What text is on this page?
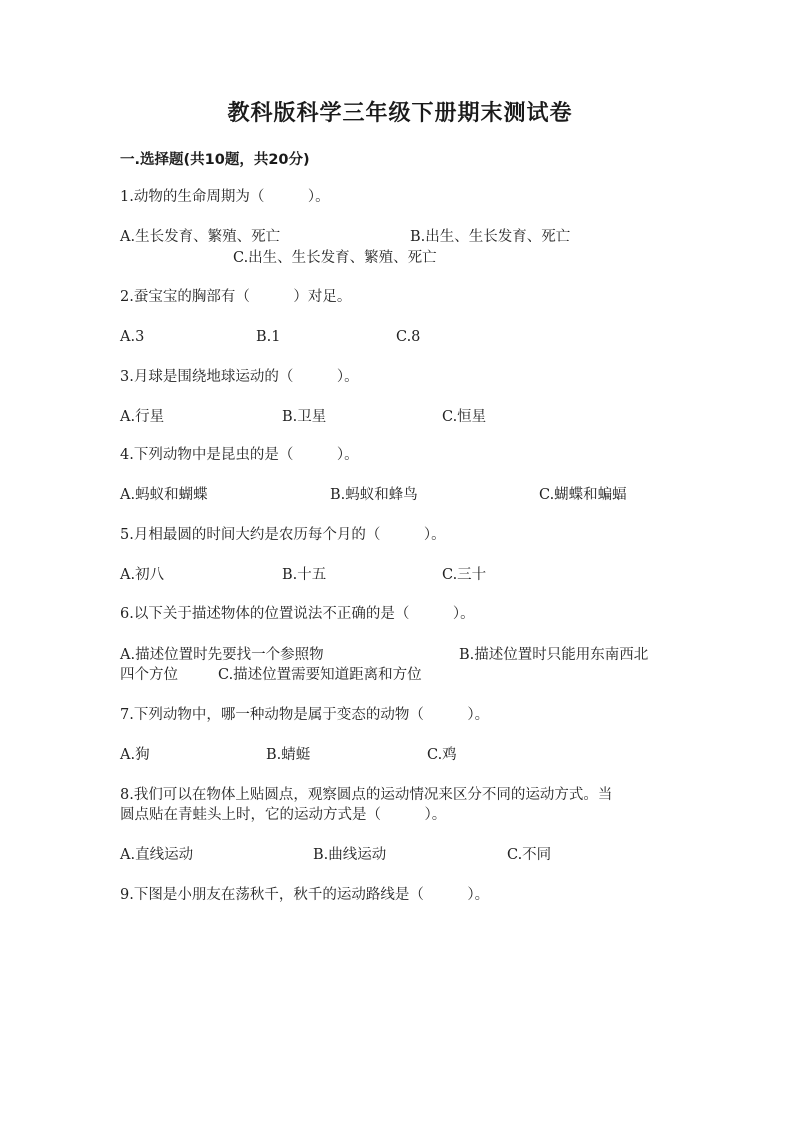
教科版科学三年级下册期末测试卷
一.选择题(共10题，共20分)
1.动物的生命周期为（　　　）。
A.生长发育、繁殖、死亡	B.出生、生长发育、死亡
C.出生、生长发育、繁殖、死亡
2.蚕宝宝的胸部有（　　　）对足。
A.3	B.1	C.8
3.月球是围绕地球运动的（　　　）。
A.行星	B.卫星	C.恒星
4.下列动物中是昆虫的是（　　　）。
A.蚂蚁和蝴蝶	B.蚂蚁和蜂鸟	C.蝴蝶和蝙蝠
5.月相最圆的时间大约是农历每个月的（　　　）。
A.初八	B.十五	C.三十
6.以下关于描述物体的位置说法不正确的是（　　　）。
A.描述位置时先要找一个参照物	B.描述位置时只能用东南西北
四个方位	C.描述位置需要知道距离和方位
7.下列动物中，哪一种动物是属于变态的动物（　　　）。
A.狗	B.蜻蜓	C.鸡
8.我们可以在物体上贴圆点，观察圆点的运动情况来区分不同的运动方式。当
圆点贴在青蛙头上时，它的运动方式是（　　　）。
A.直线运动	B.曲线运动	C.不同
9.下图是小朋友在荡秋千，秋千的运动路线是（　　　）。
